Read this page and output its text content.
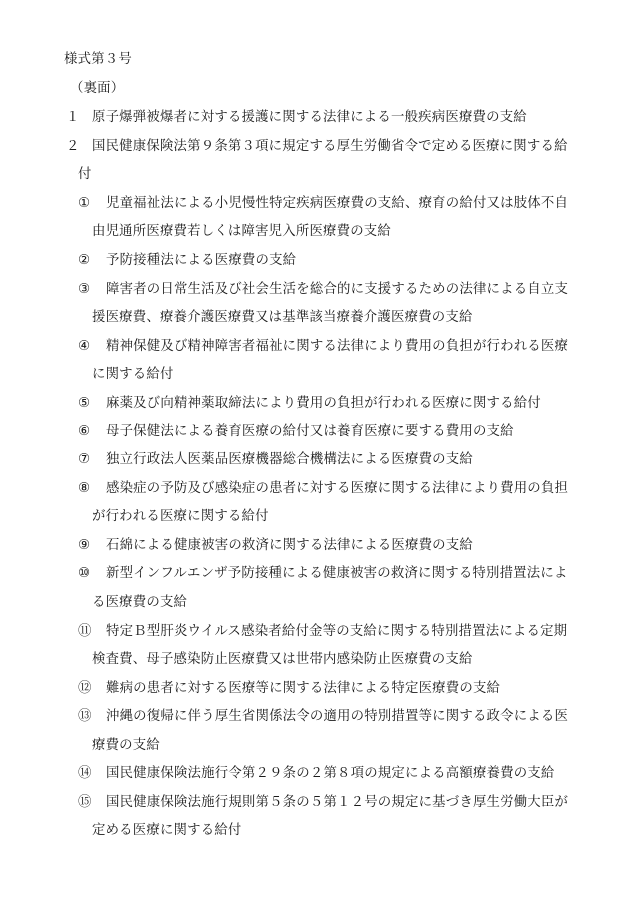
様式第３号
（裏面）
１ 原子爆弾被爆者に対する援護に関する法律による一般疾病医療費の支給
２ 国民健康保険法第９条第３項に規定する厚生労働省令で定める医療に関する給
付
① 児童福祉法による小児慢性特定疾病医療費の支給、療育の給付又は肢体不自
由児通所医療費若しくは障害児入所医療費の支給
② 予防接種法による医療費の支給
③ 障害者の日常生活及び社会生活を総合的に支援するための法律による自立支
援医療費、療養介護医療費又は基準該当療養介護医療費の支給
④ 精神保健及び精神障害者福祉に関する法律により費用の負担が行われる医療
に関する給付
⑤ 麻薬及び向精神薬取締法により費用の負担が行われる医療に関する給付
⑥ 母子保健法による養育医療の給付又は養育医療に要する費用の支給
⑦ 独立行政法人医薬品医療機器総合機構法による医療費の支給
⑧ 感染症の予防及び感染症の患者に対する医療に関する法律により費用の負担
が行われる医療に関する給付
⑨ 石綿による健康被害の救済に関する法律による医療費の支給
⑩ 新型インフルエンザ予防接種による健康被害の救済に関する特別措置法によ
る医療費の支給
⑪ 特定Ｂ型肝炎ウイルス感染者給付金等の支給に関する特別措置法による定期
検査費、母子感染防止医療費又は世帯内感染防止医療費の支給
⑫ 難病の患者に対する医療等に関する法律による特定医療費の支給
⑬ 沖縄の復帰に伴う厚生省関係法令の適用の特別措置等に関する政令による医
療費の支給
⑭ 国民健康保険法施行令第２９条の２第８項の規定による高額療養費の支給
⑮ 国民健康保険法施行規則第５条の５第１２号の規定に基づき厚生労働大臣が
定める医療に関する給付
